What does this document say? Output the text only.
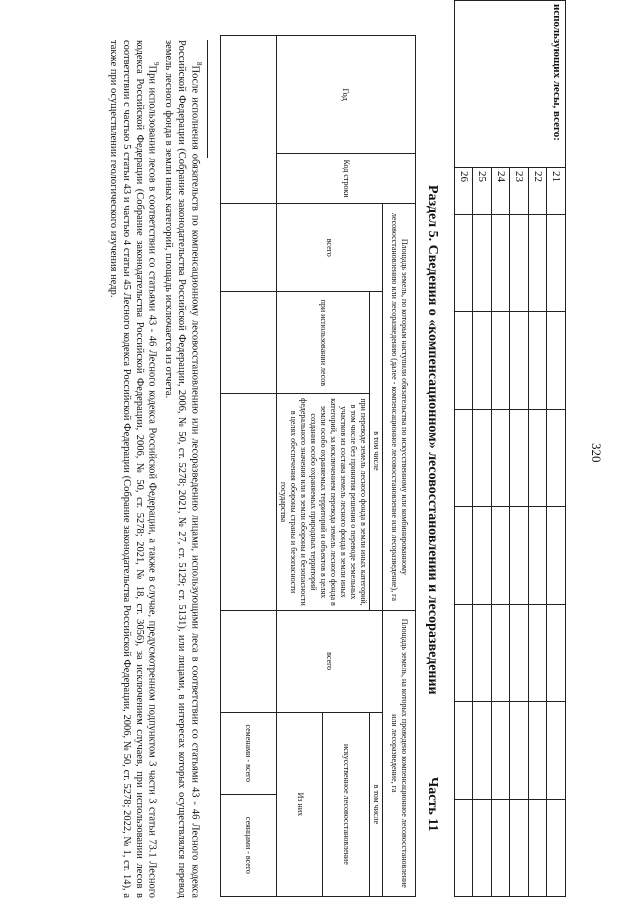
320
использующих лесы, всего:	21							
	22							
	23							
	24							
	25							
	26							
Раздел 5. Сведения о «компенсационном» лесовосстановлении и лесоразведении
Часть 11
Год	Код строки	Площадь земель, по которым наступили обязательства по искусственному или комбинированному лесовосстановлению или лесоразведению (далее - компенсационное лесовосстановление или лесоразведение), га			Площадь земель, на которых проведено компенсационное лесовосстановление или лесоразведение, га		
		всего	в том числе		всего	в том числе	
			при использовании лесов	при переводе земель лесного фонда в земли иных категорий, в том числе без принятия решения о переводе земельных участков из состава земель лесного фонда в земли иных категорий, за исключением перевода земель лесного фонда в земли особо охраняемых территорий и объектов в целях создания особо охраняемых природных территорий федерального значения или в земли обороны и безопасности в целях обеспечения обороны страны и безопасности государства		искусственное лесовосстановление	
						Из них	
						семенами - всего	сеянцами - всего

$^8$После исполнения обязательств по компенсационному лесовосстановлению или лесоразведению лицами, использующими леса в соответствии со статьями 43 - 46 Лесного кодекса Российской Федерации (Собрание законодательства Российской Федерации, 2006, № 50, ст. 5278; 2021, № 27, ст. 5129; ст. 5131), или лицами, в интересах которых осуществлялся перевод земель лесного фонда в земли иных категорий, площадь исключается из отчета.

$^9$При использовании лесов в соответствии со статьями 43 - 46 Лесного кодекса Российской Федерации, а также в случае, предусмотренном подпунктом 3 части 3 статьи 73.1 Лесного кодекса Российской Федерации (Собрание законодательства Российской Федерации, 2006, № 50, ст. 5278; 2021, № 18, ст. 3056), за исключением случаев, при использовании лесов в соответствии с частью 5 статьи 43 и частью 4 статьи 45 Лесного кодекса Российской Федерации (Собрание законодательства Российской Федерации, 2006, № 50, ст. 5278; 2022, № 1, ст. 14), а также при осуществлении геологического изучения недр.
